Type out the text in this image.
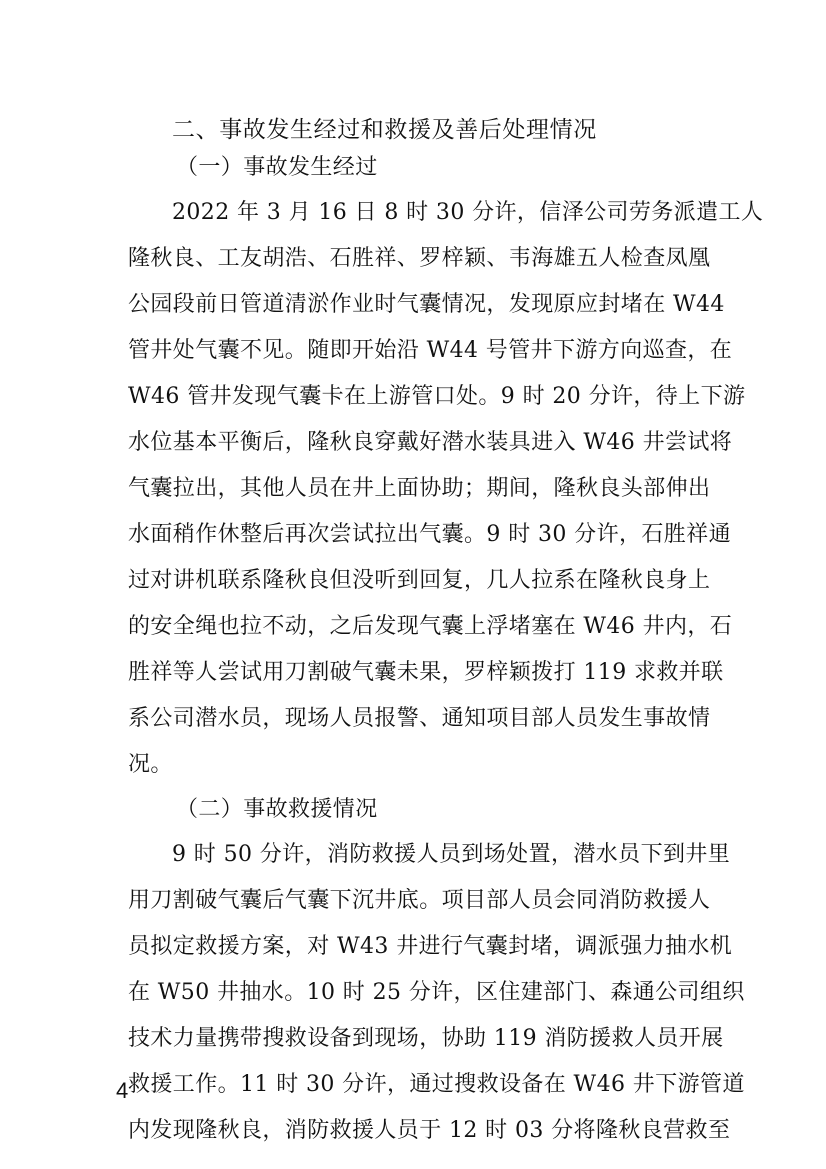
二、事故发生经过和救援及善后处理情况
（一）事故发生经过
2022 年 3 月 16 日 8 时 30 分许，信泽公司劳务派遣工人
隆秋良、工友胡浩、石胜祥、罗梓颖、韦海雄五人检查凤凰
公园段前日管道清淤作业时气囊情况，发现原应封堵在 W44
管井处气囊不见。随即开始沿 W44 号管井下游方向巡查，在
W46 管井发现气囊卡在上游管口处。9 时 20 分许，待上下游
水位基本平衡后，隆秋良穿戴好潜水装具进入 W46 井尝试将
气囊拉出，其他人员在井上面协助；期间，隆秋良头部伸出
水面稍作休整后再次尝试拉出气囊。9 时 30 分许，石胜祥通
过对讲机联系隆秋良但没听到回复，几人拉系在隆秋良身上
的安全绳也拉不动，之后发现气囊上浮堵塞在 W46 井内，石
胜祥等人尝试用刀割破气囊未果，罗梓颖拨打 119 求救并联
系公司潜水员，现场人员报警、通知项目部人员发生事故情
况。
（二）事故救援情况
9 时 50 分许，消防救援人员到场处置，潜水员下到井里
用刀割破气囊后气囊下沉井底。项目部人员会同消防救援人
员拟定救援方案，对 W43 井进行气囊封堵，调派强力抽水机
在 W50 井抽水。10 时 25 分许，区住建部门、森通公司组织
技术力量携带搜救设备到现场，协助 119 消防援救人员开展
救援工作。11 时 30 分许，通过搜救设备在 W46 井下游管道
内发现隆秋良，消防救援人员于 12 时 03 分将隆秋良营救至
4
